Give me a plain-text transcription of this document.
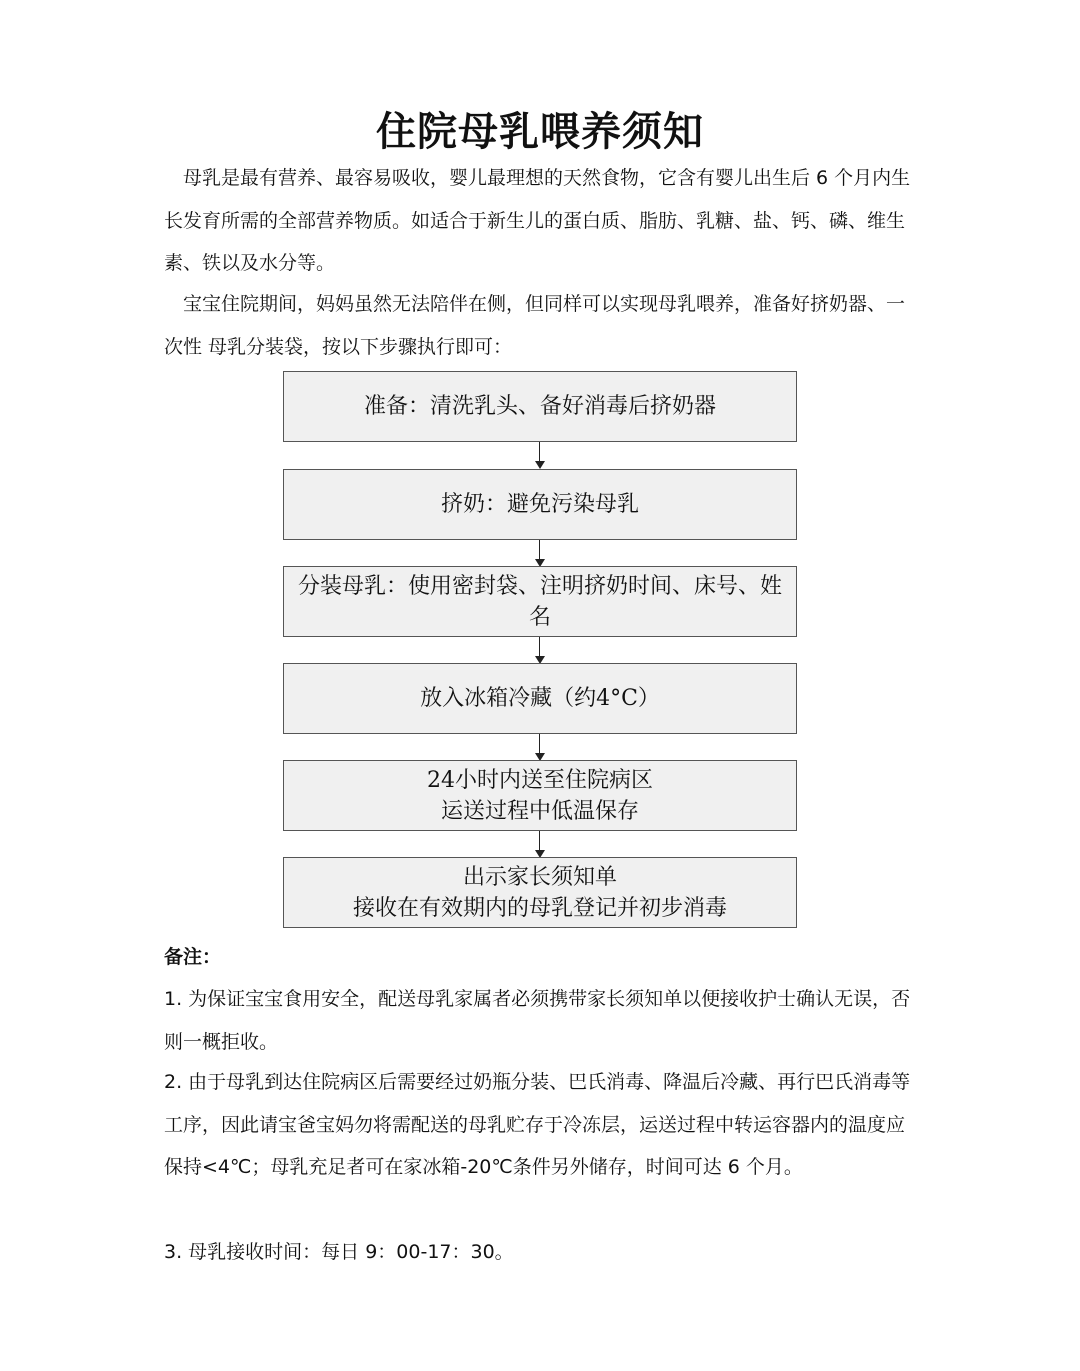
住院母乳喂养须知

母乳是最有营养、最容易吸收，婴儿最理想的天然食物，它含有婴儿出生后 6 个月内生长发育所需的全部营养物质。如适合于新生儿的蛋白质、脂肪、乳糖、盐、钙、磷、维生素、铁以及水分等。

宝宝住院期间，妈妈虽然无法陪伴在侧，但同样可以实现母乳喂养，准备好挤奶器、一次性 母乳分装袋，按以下步骤执行即可：

准备：清洗乳头、备好消毒后挤奶器
挤奶：避免污染母乳
分装母乳：使用密封袋、注明挤奶时间、床号、姓名
放入冰箱冷藏（约4°C）
24小时内送至住院病区
运送过程中低温保存
出示家长须知单
接收在有效期内的母乳登记并初步消毒
备注：

1. 为保证宝宝食用安全，配送母乳家属者必须携带家长须知单以便接收护士确认无误，否则一概拒收。

2. 由于母乳到达住院病区后需要经过奶瓶分装、巴氏消毒、降温后冷藏、再行巴氏消毒等工序，因此请宝爸宝妈勿将需配送的母乳贮存于冷冻层，运送过程中转运容器内的温度应保持<4℃；母乳充足者可在家冰箱-20℃条件另外储存，时间可达 6 个月。

3. 母乳接收时间：每日 9：00-17：30。
